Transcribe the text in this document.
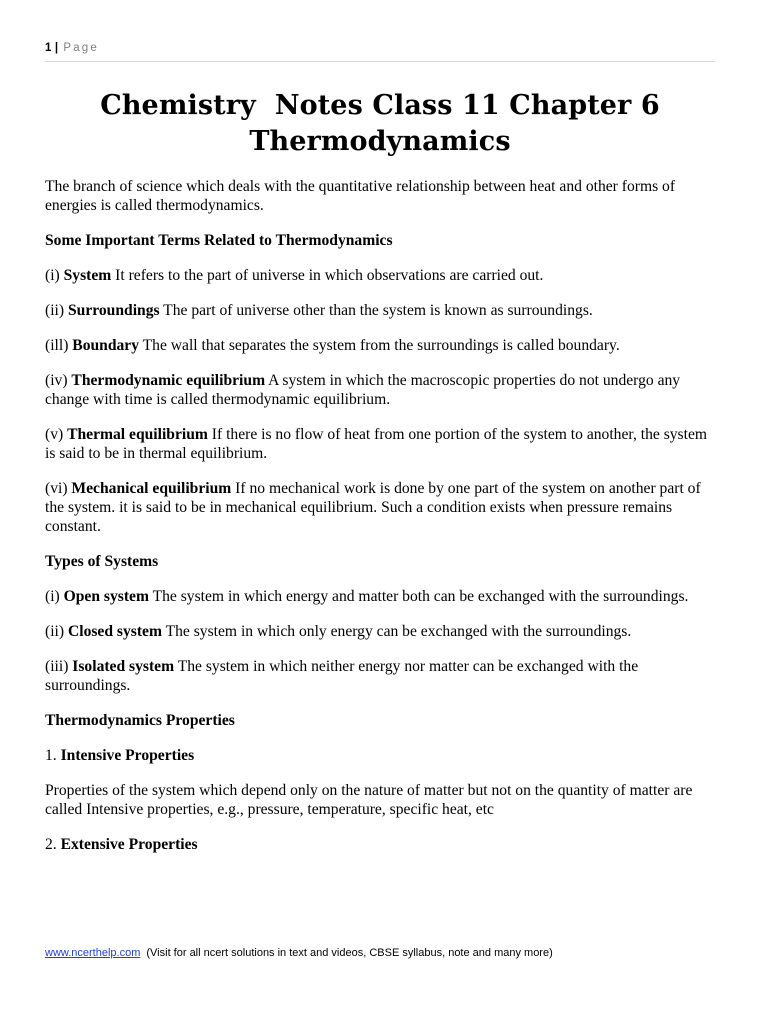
1 | Page
Chemistry  Notes Class 11 Chapter 6
Thermodynamics

The branch of science which deals with the quantitative relationship between heat and other forms of energies is called thermodynamics.

Some Important Terms Related to Thermodynamics

(i) System It refers to the part of universe in which observations are carried out.

(ii) Surroundings The part of universe other than the system is known as surroundings.

(ill) Boundary The wall that separates the system from the surroundings is called boundary.

(iv) Thermodynamic equilibrium A system in which the macroscopic properties do not undergo any change with time is called thermodynamic equilibrium.

(v) Thermal equilibrium If there is no flow of heat from one portion of the system to another, the system is said to be in thermal equilibrium.

(vi) Mechanical equilibrium If no mechanical work is done by one part of the system on another part of the system. it is said to be in mechanical equilibrium. Such a condition exists when pressure remains constant.

Types of Systems

(i) Open system The system in which energy and matter both can be exchanged with the surroundings.

(ii) Closed system The system in which only energy can be exchanged with the surroundings.

(iii) Isolated system The system in which neither energy nor matter can be exchanged with the surroundings.

Thermodynamics Properties

1. Intensive Properties

Properties of the system which depend only on the nature of matter but not on the quantity of matter are called Intensive properties, e.g., pressure, temperature, specific heat, etc

2. Extensive Properties

www.ncerthelp.com (Visit for all ncert solutions in text and videos, CBSE syllabus, note and many more)
